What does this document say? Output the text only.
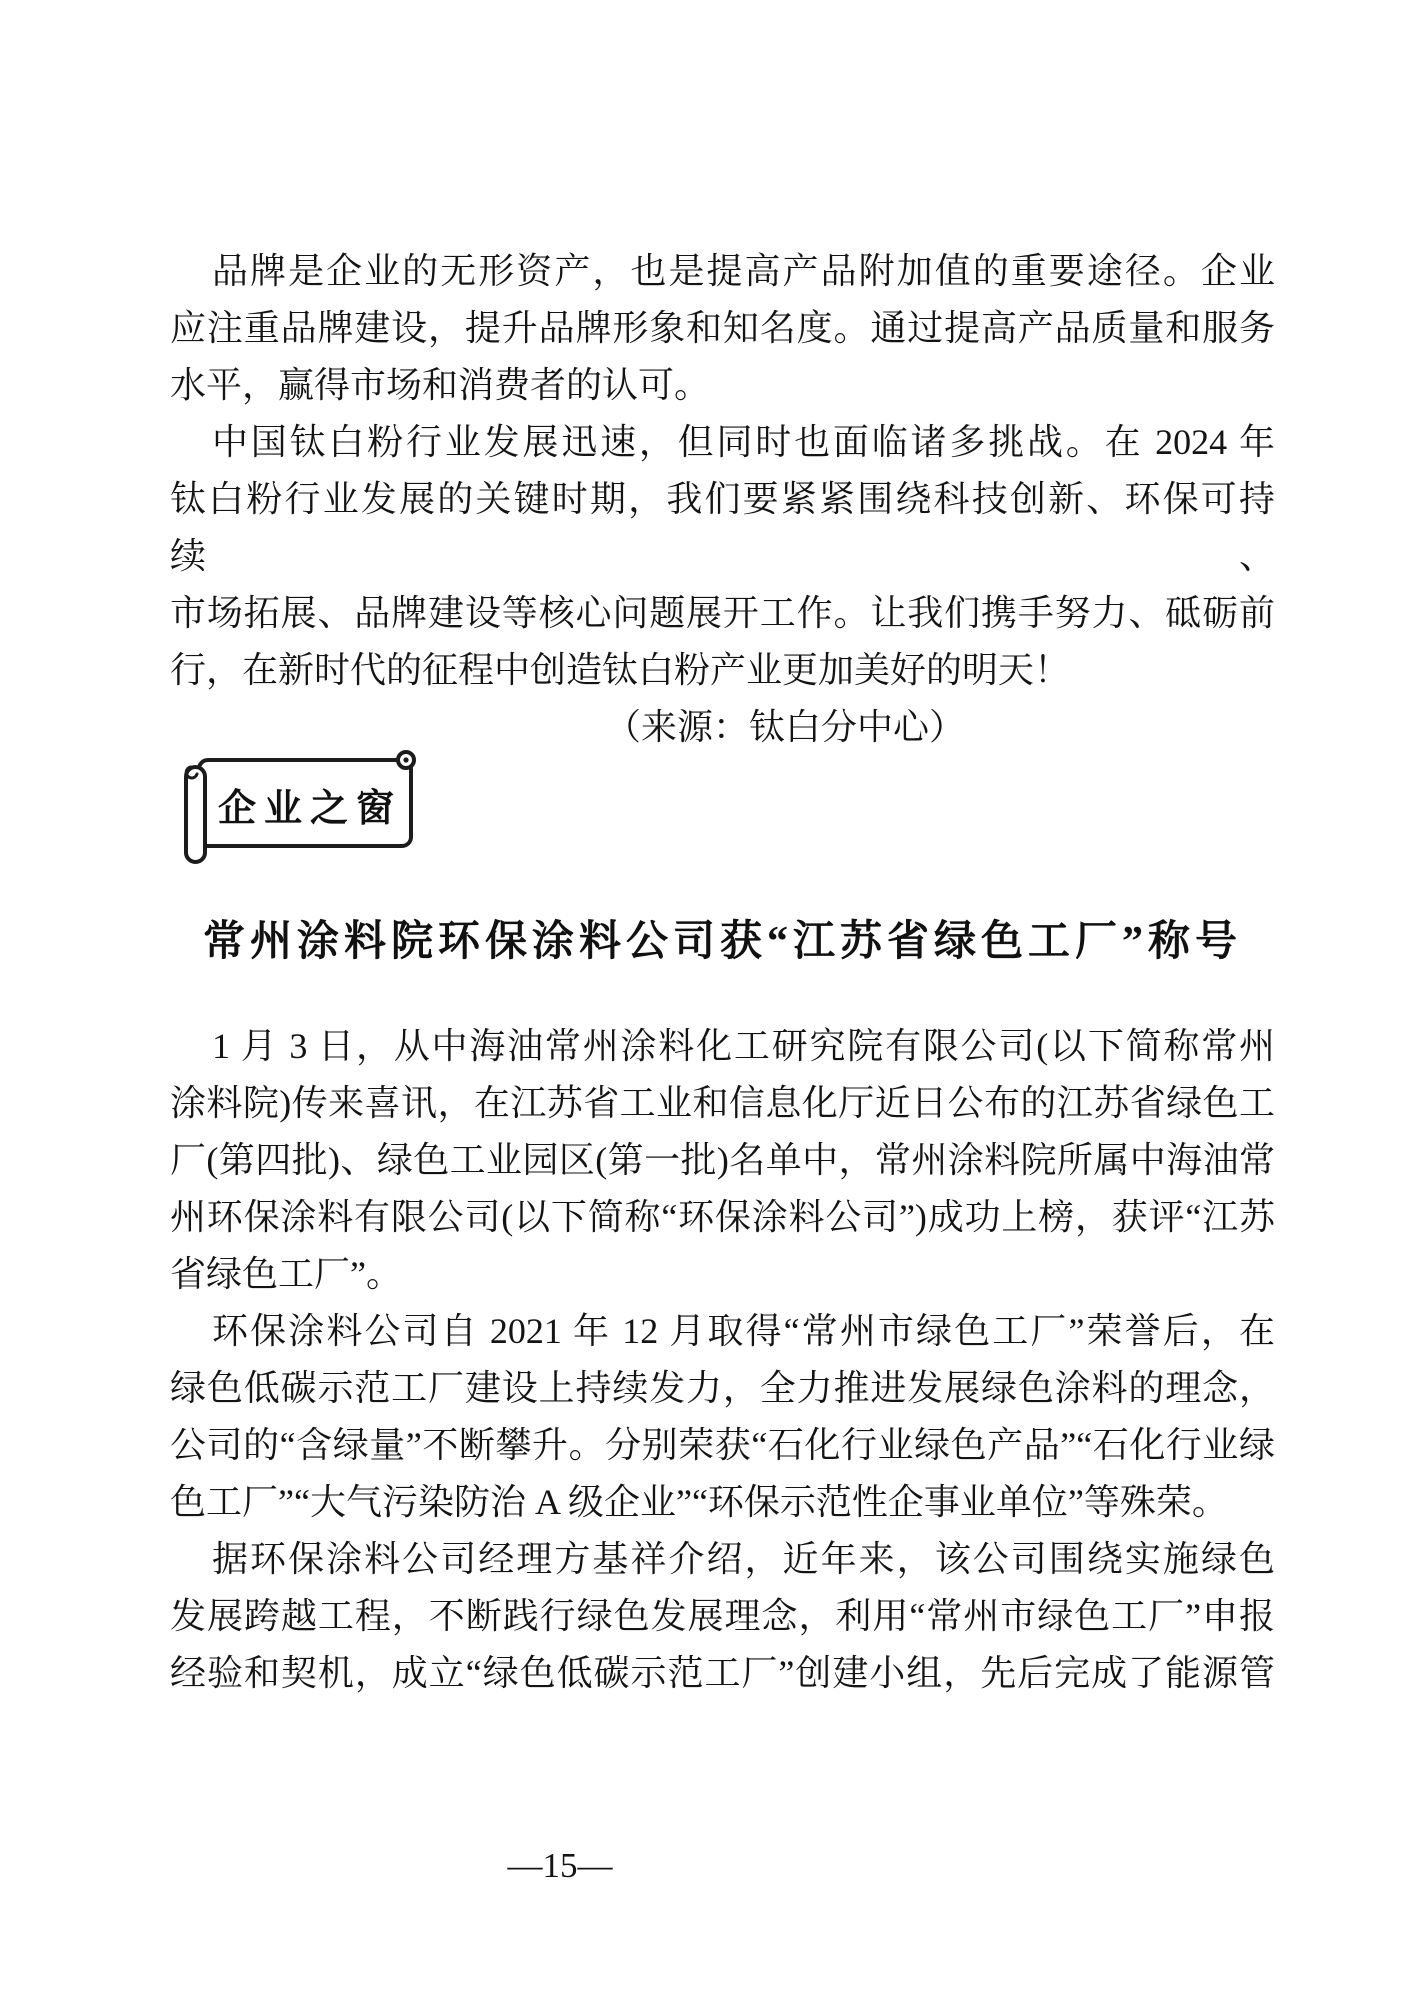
品牌是企业的无形资产，也是提高产品附加值的重要途径。企业
应注重品牌建设，提升品牌形象和知名度。通过提高产品质量和服务
水平，赢得市场和消费者的认可。
中国钛白粉行业发展迅速，但同时也面临诸多挑战。在 2024 年
钛白粉行业发展的关键时期，我们要紧紧围绕科技创新、环保可持续、
市场拓展、品牌建设等核心问题展开工作。让我们携手努力、砥砺前
行，在新时代的征程中创造钛白粉产业更加美好的明天！
（来源：钛白分中心）
企业之窗
常州涂料院环保涂料公司获“江苏省绿色工厂”称号
1 月 3 日，从中海油常州涂料化工研究院有限公司(以下简称常州
涂料院)传来喜讯，在江苏省工业和信息化厅近日公布的江苏省绿色工
厂(第四批)、绿色工业园区(第一批)名单中，常州涂料院所属中海油常
州环保涂料有限公司(以下简称“环保涂料公司”)成功上榜，获评“江苏
省绿色工厂”。
环保涂料公司自 2021 年 12 月取得“常州市绿色工厂”荣誉后，在
绿色低碳示范工厂建设上持续发力，全力推进发展绿色涂料的理念，
公司的“含绿量”不断攀升。分别荣获“石化行业绿色产品”“石化行业绿
色工厂”“大气污染防治 A 级企业”“环保示范性企事业单位”等殊荣。
据环保涂料公司经理方基祥介绍，近年来，该公司围绕实施绿色
发展跨越工程，不断践行绿色发展理念，利用“常州市绿色工厂”申报
经验和契机，成立“绿色低碳示范工厂”创建小组，先后完成了能源管
—15—
